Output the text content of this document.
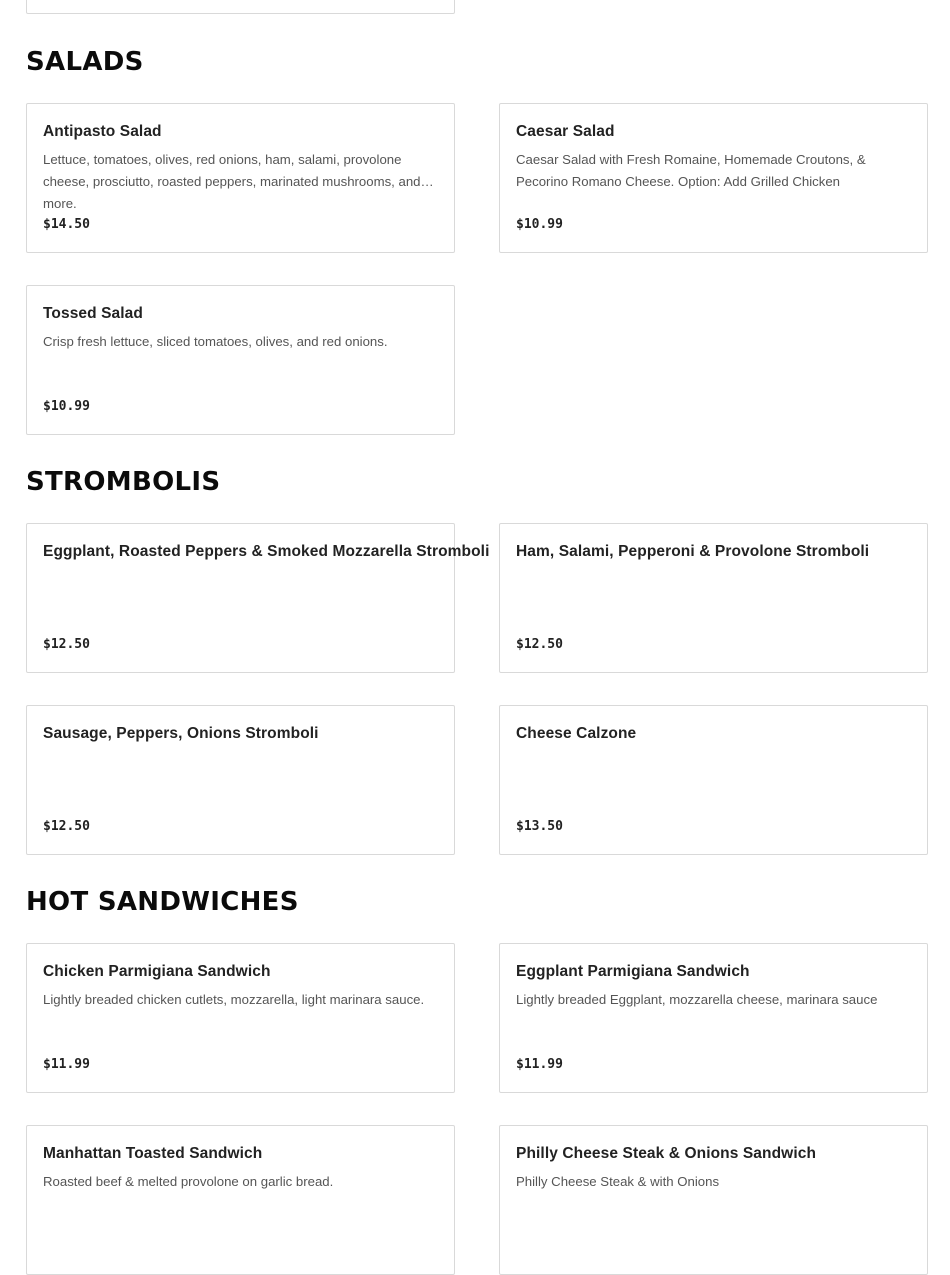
SALADS
Antipasto Salad
Lettuce, tomatoes, olives, red onions, ham, salami, provolone cheese, prosciutto, roasted peppers, marinated mushrooms, and more.
$14.50
Caesar Salad
Caesar Salad with Fresh Romaine, Homemade Croutons, & Pecorino Romano Cheese. Option: Add Grilled Chicken
$10.99
Tossed Salad
Crisp fresh lettuce, sliced tomatoes, olives, and red onions.
$10.99
STROMBOLIS
Eggplant, Roasted Peppers & Smoked Mozzarella Stromboli
$12.50
Ham, Salami, Pepperoni & Provolone Stromboli
$12.50
Sausage, Peppers, Onions Stromboli
$12.50
Cheese Calzone
$13.50
HOT SANDWICHES
Chicken Parmigiana Sandwich
Lightly breaded chicken cutlets, mozzarella, light marinara sauce.
$11.99
Eggplant Parmigiana Sandwich
Lightly breaded Eggplant, mozzarella cheese, marinara sauce
$11.99
Manhattan Toasted Sandwich
Roasted beef & melted provolone on garlic bread.
Philly Cheese Steak & Onions Sandwich
Philly Cheese Steak & with Onions
